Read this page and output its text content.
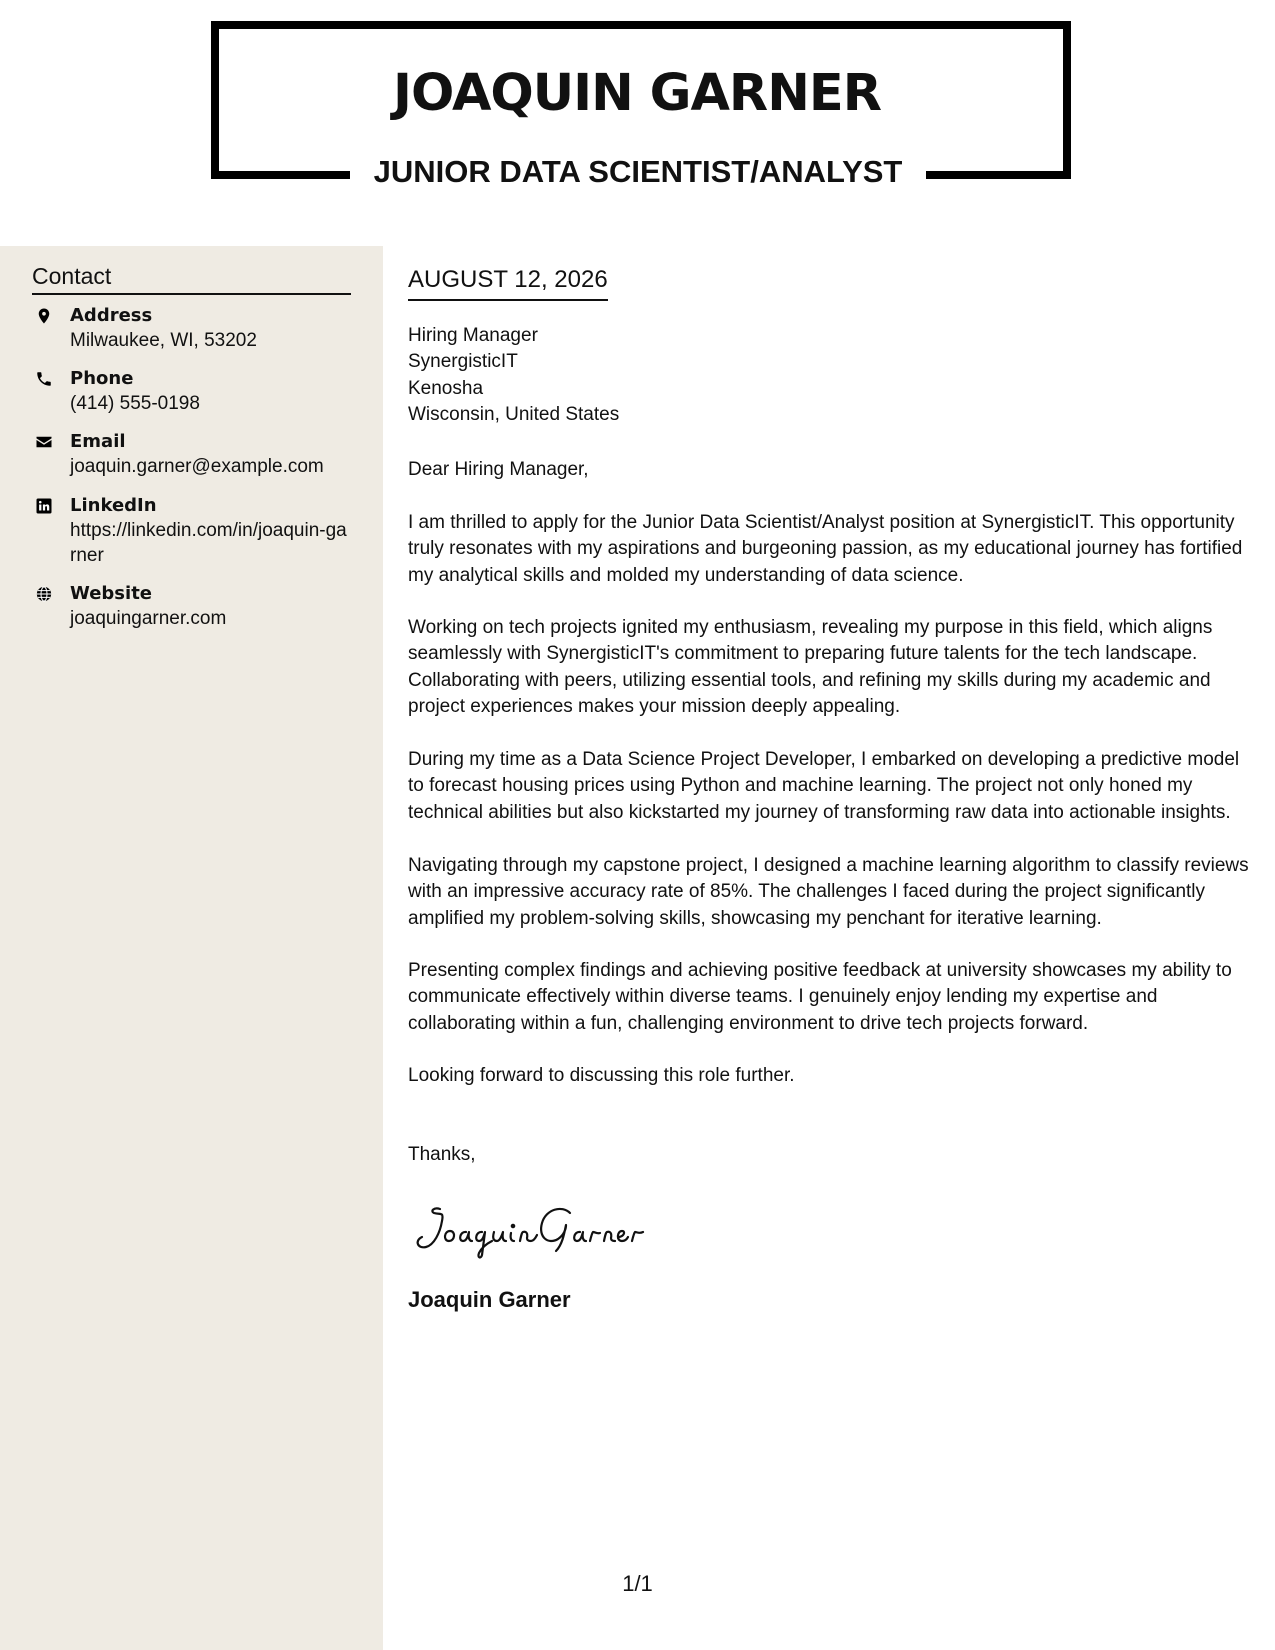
JOAQUIN GARNER
JUNIOR DATA SCIENTIST/ANALYST
Contact
Address
Milwaukee, WI, 53202
Phone
(414) 555-0198
Email
joaquin.garner@example.com
LinkedIn
https://linkedin.com/in/joaquin-garner
Website
joaquingarner.com
AUGUST 12, 2026
Hiring Manager
SynergisticIT
Kenosha
Wisconsin, United States
Dear Hiring Manager,

I am thrilled to apply for the Junior Data Scientist/Analyst position at SynergisticIT. This opportunity truly resonates with my aspirations and burgeoning passion, as my educational journey has fortified my analytical skills and molded my understanding of data science.

Working on tech projects ignited my enthusiasm, revealing my purpose in this field, which aligns seamlessly with SynergisticIT's commitment to preparing future talents for the tech landscape. Collaborating with peers, utilizing essential tools, and refining my skills during my academic and project experiences makes your mission deeply appealing.

During my time as a Data Science Project Developer, I embarked on developing a predictive model to forecast housing prices using Python and machine learning. The project not only honed my technical abilities but also kickstarted my journey of transforming raw data into actionable insights.

Navigating through my capstone project, I designed a machine learning algorithm to classify reviews with an impressive accuracy rate of 85%. The challenges I faced during the project significantly amplified my problem-solving skills, showcasing my penchant for iterative learning.

Presenting complex findings and achieving positive feedback at university showcases my ability to communicate effectively within diverse teams. I genuinely enjoy lending my expertise and collaborating within a fun, challenging environment to drive tech projects forward.

Looking forward to discussing this role further.

Thanks,
Joaquin Garner
1/1
